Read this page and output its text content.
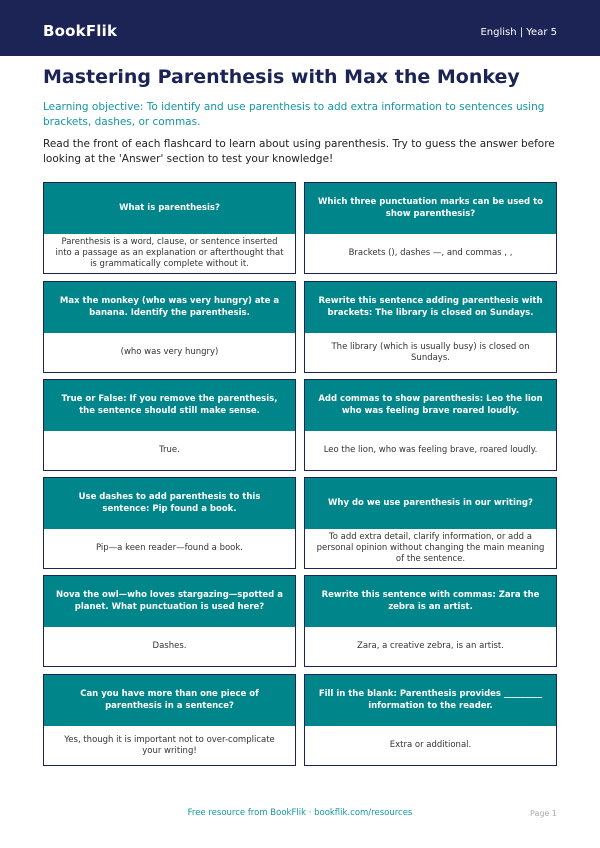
BookFlik	English | Year 5
Mastering Parenthesis with Max the Monkey
Learning objective: To identify and use parenthesis to add extra information to sentences using brackets, dashes, or commas.
Read the front of each flashcard to learn about using parenthesis. Try to guess the answer before looking at the 'Answer' section to test your knowledge!
What is parenthesis?
Parenthesis is a word, clause, or sentence inserted into a passage as an explanation or afterthought that is grammatically complete without it.
Which three punctuation marks can be used to show parenthesis?
Brackets (), dashes —, and commas , ,
Max the monkey (who was very hungry) ate a banana. Identify the parenthesis.
(who was very hungry)
Rewrite this sentence adding parenthesis with brackets: The library is closed on Sundays.
The library (which is usually busy) is closed on Sundays.
True or False: If you remove the parenthesis, the sentence should still make sense.
True.
Add commas to show parenthesis: Leo the lion who was feeling brave roared loudly.
Leo the lion, who was feeling brave, roared loudly.
Use dashes to add parenthesis to this sentence: Pip found a book.
Pip—a keen reader—found a book.
Why do we use parenthesis in our writing?
To add extra detail, clarify information, or add a personal opinion without changing the main meaning of the sentence.
Nova the owl—who loves stargazing—spotted a planet. What punctuation is used here?
Dashes.
Rewrite this sentence with commas: Zara the zebra is an artist.
Zara, a creative zebra, is an artist.
Can you have more than one piece of parenthesis in a sentence?
Yes, though it is important not to over-complicate your writing!
Fill in the blank: Parenthesis provides _________ information to the reader.
Extra or additional.
Free resource from BookFlik · bookflik.com/resources	Page 1
